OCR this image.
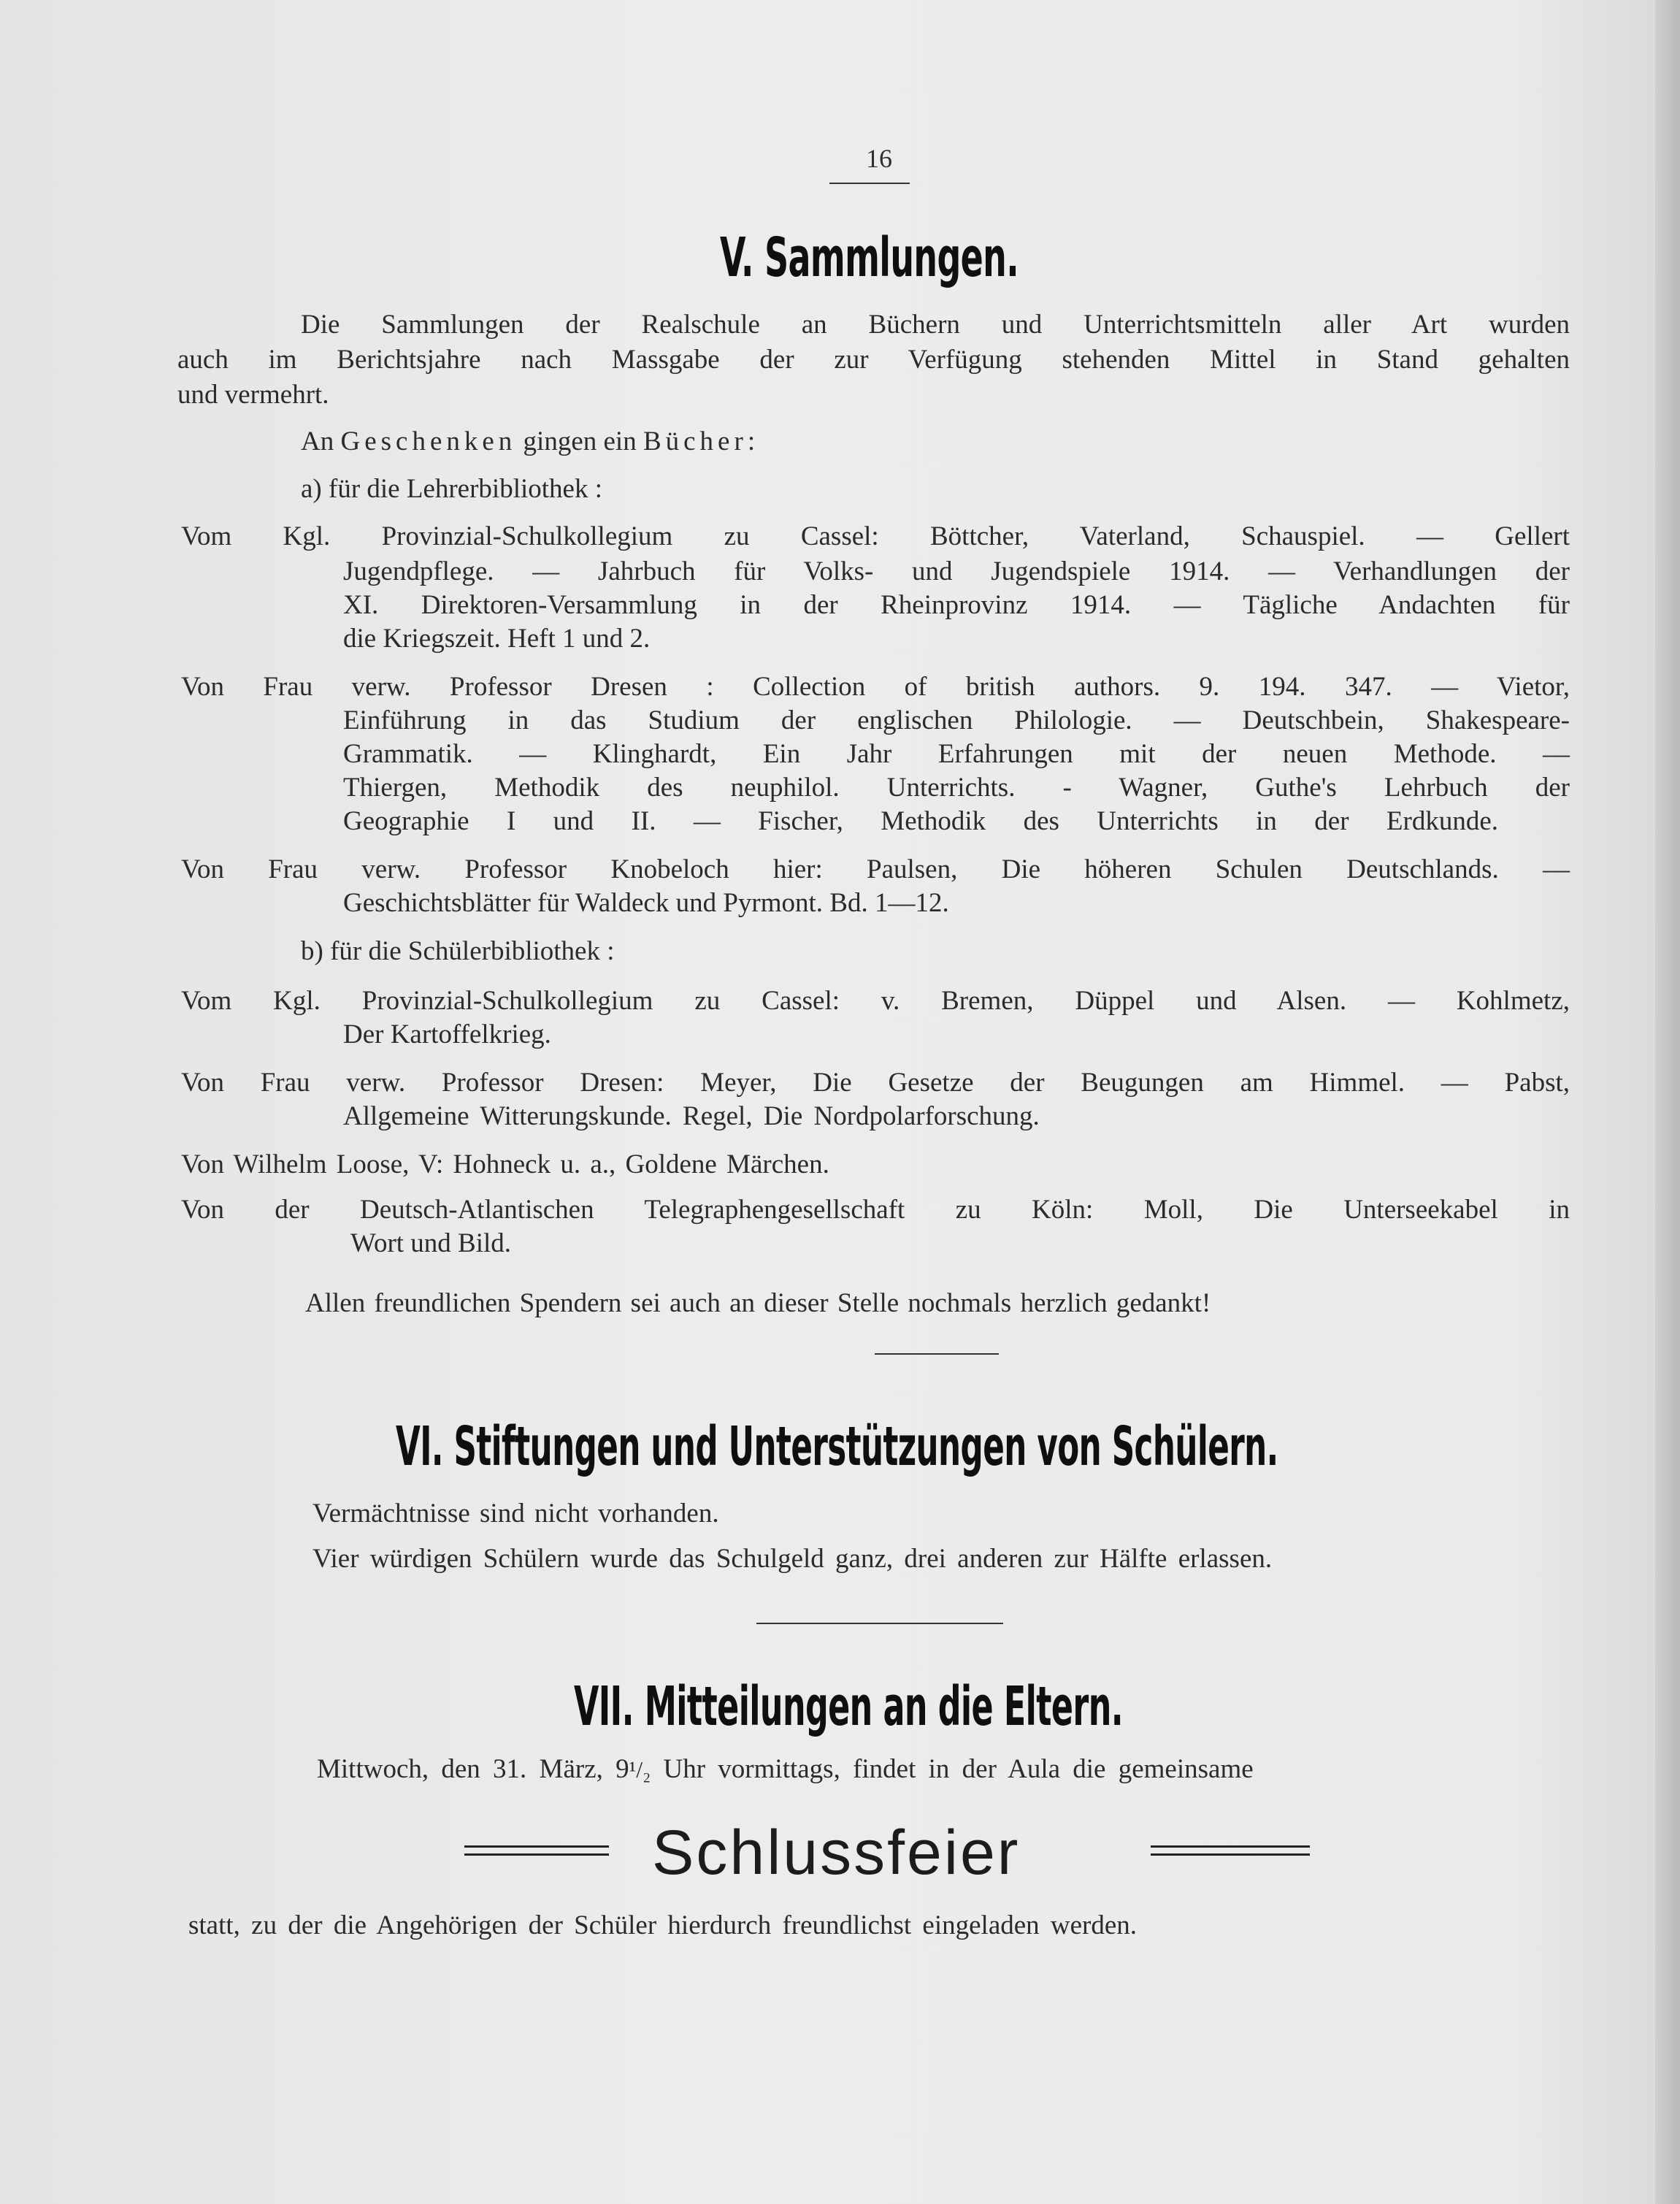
16
V. Sammlungen.
Die Sammlungen der Realschule an Büchern und Unterrichtsmitteln aller Art wurden
auch im Berichtsjahre nach Massgabe der zur Verfügung stehenden Mittel in Stand gehalten
und vermehrt.
An Geschenken gingen ein Bücher:
a) für die Lehrerbibliothek :
Vom Kgl. Provinzial-Schulkollegium zu Cassel: Böttcher, Vaterland, Schauspiel. — Gellert
Jugendpflege. — Jahrbuch für Volks- und Jugendspiele 1914. — Verhandlungen der
XI. Direktoren-Versammlung in der Rheinprovinz 1914. — Tägliche Andachten für
die Kriegszeit. Heft 1 und 2.
Von Frau verw. Professor Dresen : Collection of british authors. 9. 194. 347. — Vietor,
Einführung in das Studium der englischen Philologie. — Deutschbein, Shakespeare-
Grammatik. — Klinghardt, Ein Jahr Erfahrungen mit der neuen Methode. —
Thiergen, Methodik des neuphilol. Unterrichts. - Wagner, Guthe's Lehrbuch der
Geographie I und II. — Fischer, Methodik des Unterrichts in der Erdkunde.
Von Frau verw. Professor Knobeloch hier: Paulsen, Die höheren Schulen Deutschlands. —
Geschichtsblätter für Waldeck und Pyrmont. Bd. 1—12.
b) für die Schülerbibliothek :
Vom Kgl. Provinzial-Schulkollegium zu Cassel: v. Bremen, Düppel und Alsen. — Kohlmetz,
Der Kartoffelkrieg.
Von Frau verw. Professor Dresen: Meyer, Die Gesetze der Beugungen am Himmel. — Pabst,
Allgemeine Witterungskunde. Regel, Die Nordpolarforschung.
Von Wilhelm Loose, V: Hohneck u. a., Goldene Märchen.
Von der Deutsch-Atlantischen Telegraphengesellschaft zu Köln: Moll, Die Unterseekabel in
Wort und Bild.
Allen freundlichen Spendern sei auch an dieser Stelle nochmals herzlich gedankt!
VI. Stiftungen und Unterstützungen von Schülern.
Vermächtnisse sind nicht vorhanden.
Vier würdigen Schülern wurde das Schulgeld ganz, drei anderen zur Hälfte erlassen.
VII. Mitteilungen an die Eltern.
Mittwoch, den 31. März, 9¹/₂ Uhr vormittags, findet in der Aula die gemeinsame
Schlussfeier
statt, zu der die Angehörigen der Schüler hierdurch freundlichst eingeladen werden.
